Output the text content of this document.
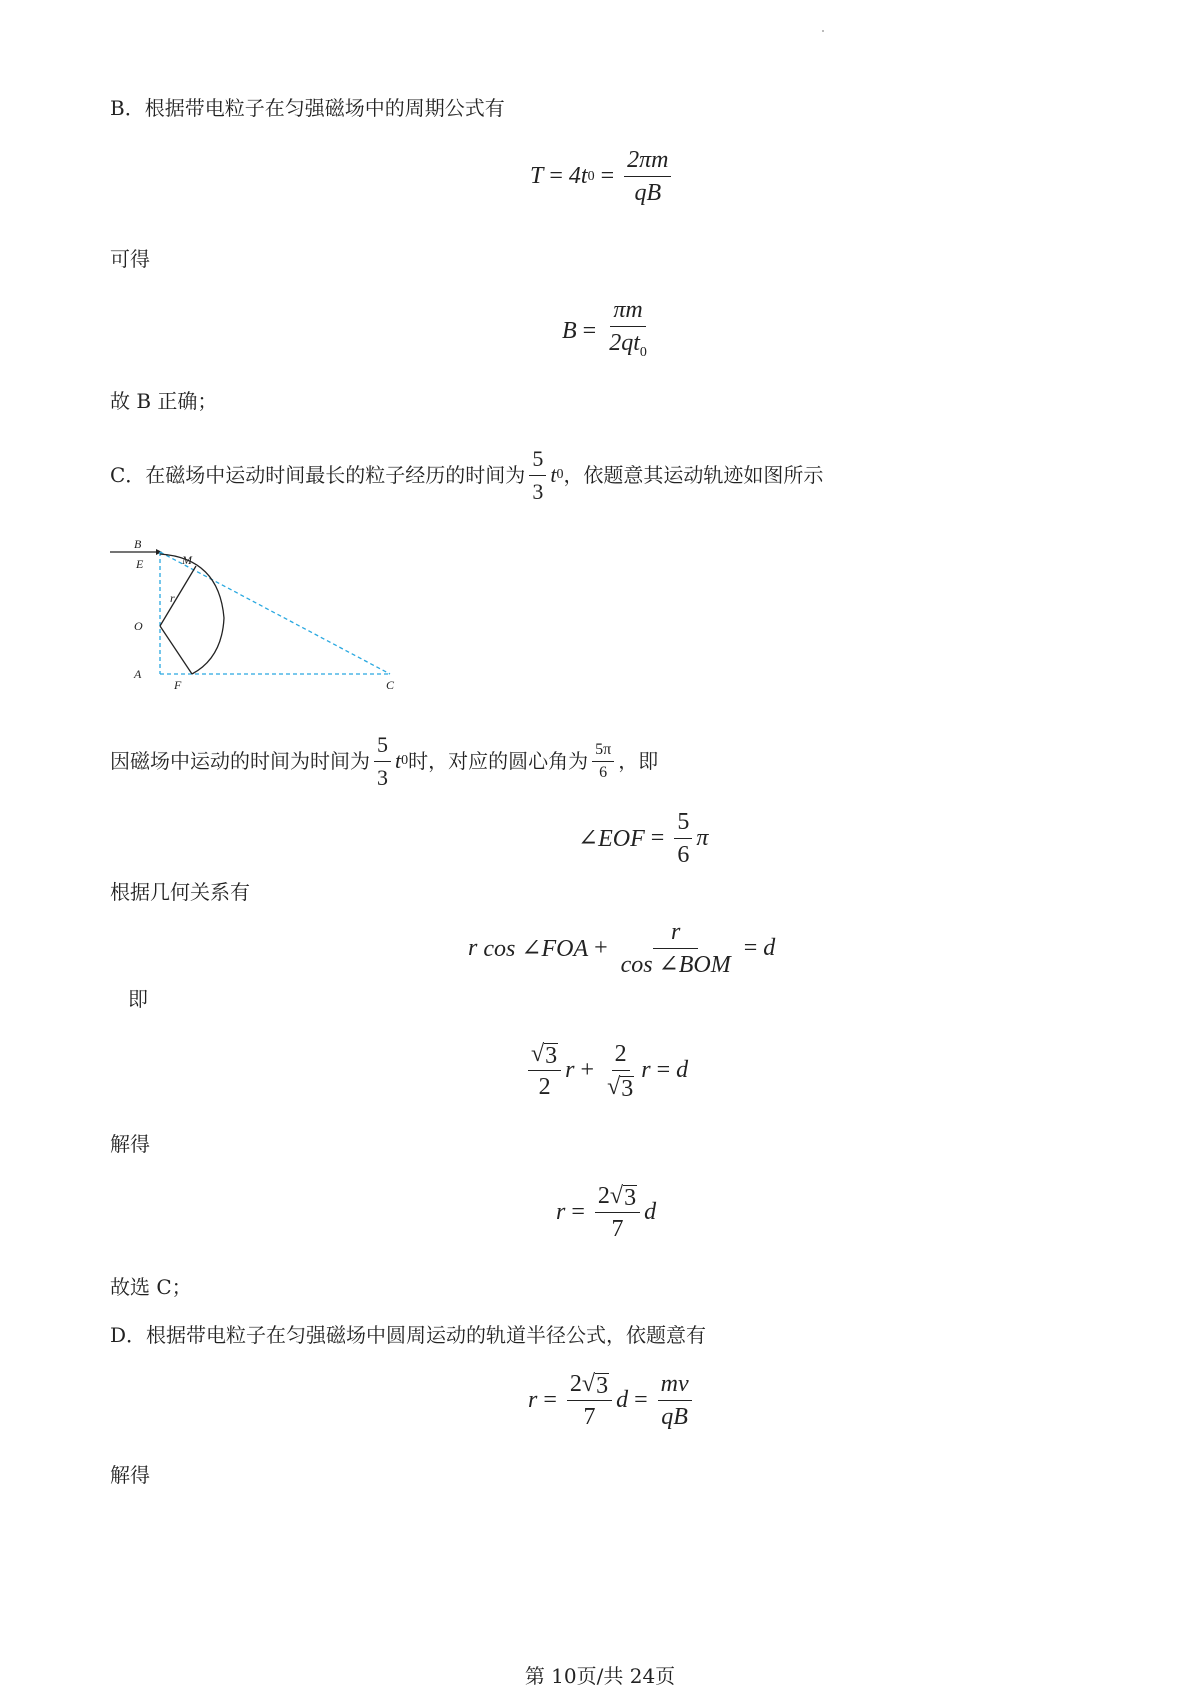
B．根据带电粒子在匀强磁场中的周期公式有
T = 4t $0 = \frac{2\pi m}{qB}$
可得
$B = \frac{\pi m}{2qt_0}$
故 B 正确；
C．在磁场中运动时间最长的粒子经历的时间为 $\frac{5}{3}$ t 0 ，依题意其运动轨迹如图所示
B
E	M
O
r
A
F	C
因磁场中运动的时间为时间为 $\frac{5}{3}$ t 0 时，对应的圆心角为 $\frac{5\pi}{6}$ ，即
∠EOF = $\frac{5}{6}$ π
根据几何关系有
r
cos ∠FOA + $\frac{r}{\text{cos ∠BOM}} = d$
即
$\frac{√ 3}{2}$ $r + \frac{2}{√ 3}$ r = d
解得
$r = \frac{2 √ 3}{7}$ d
故选 C；
D．根据带电粒子在匀强磁场中圆周运动的轨道半径公式，依题意有
$r = \frac{2 √ 3}{7}$ $d = \frac{mv}{qB}$
解得
第 10页/共 24页
